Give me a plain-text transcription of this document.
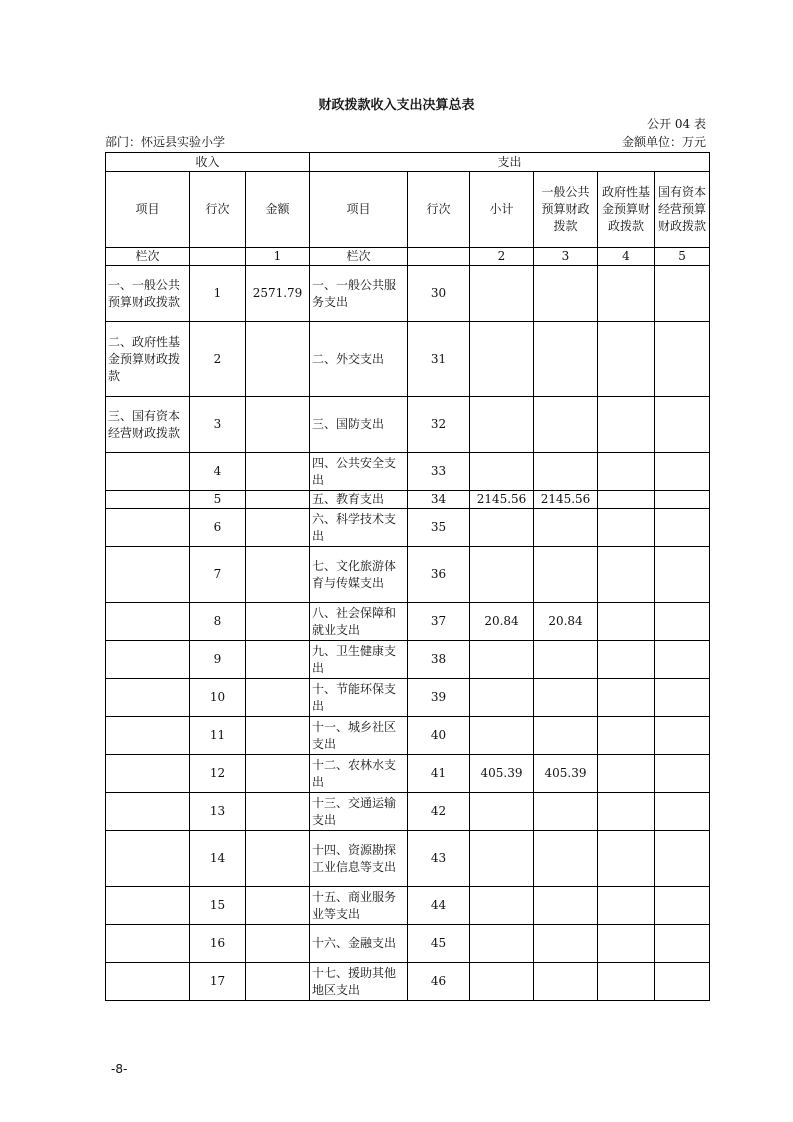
财政拨款收入支出决算总表
公开 04 表
部门：怀远县实验小学	金额单位：万元
收入			支出					
项目	行次	金额	项目	行次	小计	一般公共预算财政拨款	政府性基金预算财政拨款	国有资本经营预算财政拨款
栏次		1	栏次		2	3	4	5
一、一般公共预算财政拨款	1	2571.79	一、一般公共服务支出	30				
二、政府性基金预算财政拨款	2		二、外交支出	31				
三、国有资本经营财政拨款	3		三、国防支出	32				
	4		四、公共安全支出	33				
	5		五、教育支出	34	2145.56	2145.56		
	6		六、科学技术支出	35				
	7		七、文化旅游体育与传媒支出	36				
	8		八、社会保障和就业支出	37	20.84	20.84		
	9		九、卫生健康支出	38				
	10		十、节能环保支出	39				
	11		十一、城乡社区支出	40				
	12		十二、农林水支出	41	405.39	405.39		
	13		十三、交通运输支出	42				
	14		十四、资源勘探工业信息等支出	43				
	15		十五、商业服务业等支出	44				
	16		十六、金融支出	45				
	17		十七、援助其他地区支出	46				
-8-
